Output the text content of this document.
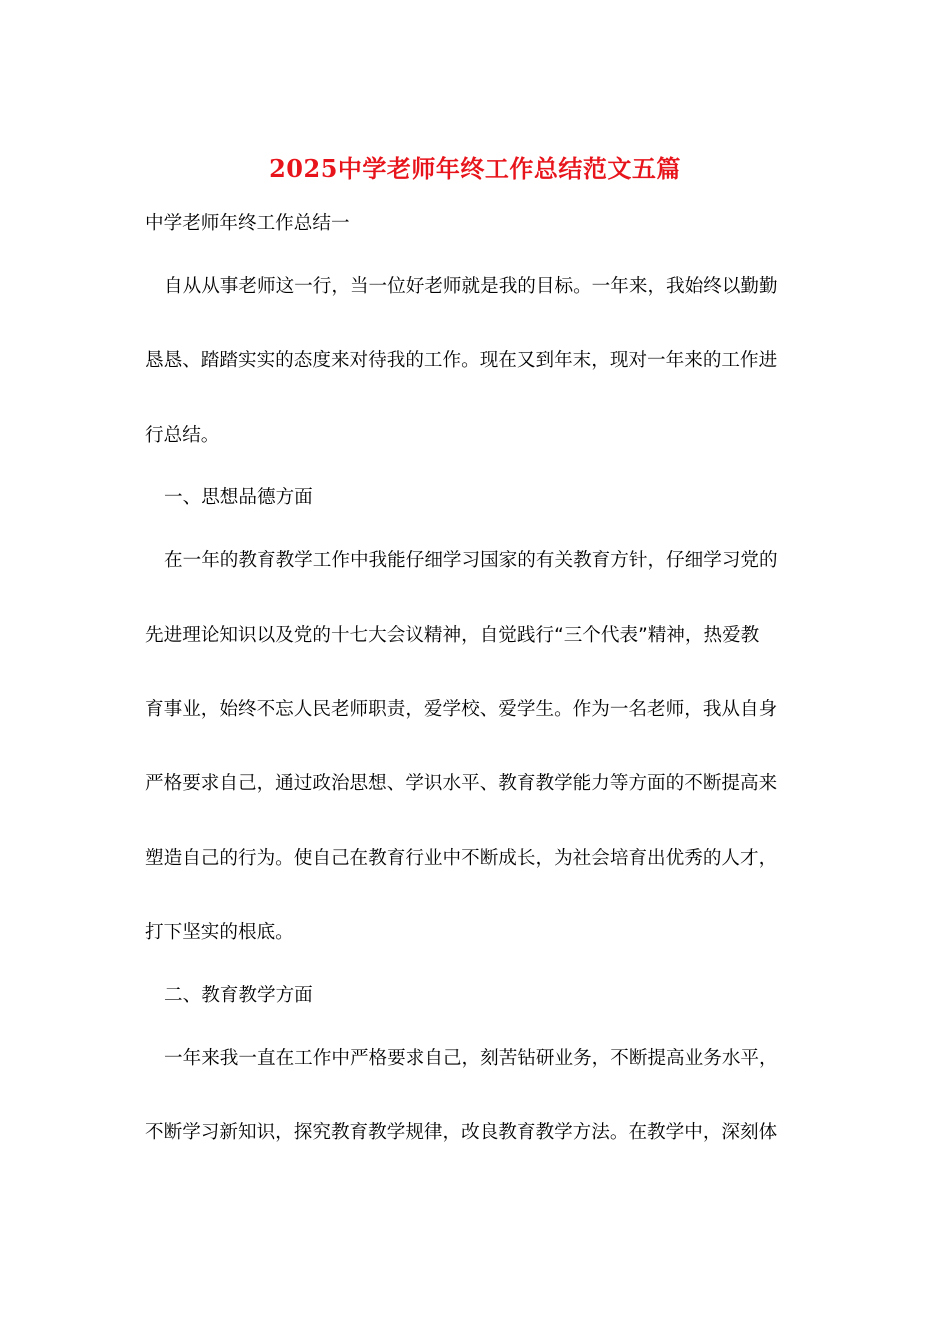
2025中学老师年终工作总结范文五篇
中学老师年终工作总结一
自从从事老师这一行，当一位好老师就是我的目标。一年来，我始终以勤勤
恳恳、踏踏实实的态度来对待我的工作。现在又到年末，现对一年来的工作进
行总结。
一、思想品德方面
在一年的教育教学工作中我能仔细学习国家的有关教育方针，仔细学习党的
先进理论知识以及党的十七大会议精神，自觉践行“三个代表”精神，热爱教
育事业，始终不忘人民老师职责，爱学校、爱学生。作为一名老师，我从自身
严格要求自己，通过政治思想、学识水平、教育教学能力等方面的不断提高来
塑造自己的行为。使自己在教育行业中不断成长，为社会培育出优秀的人才，
打下坚实的根底。
二、教育教学方面
一年来我一直在工作中严格要求自己，刻苦钻研业务，不断提高业务水平，
不断学习新知识，探究教育教学规律，改良教育教学方法。在教学中，深刻体
